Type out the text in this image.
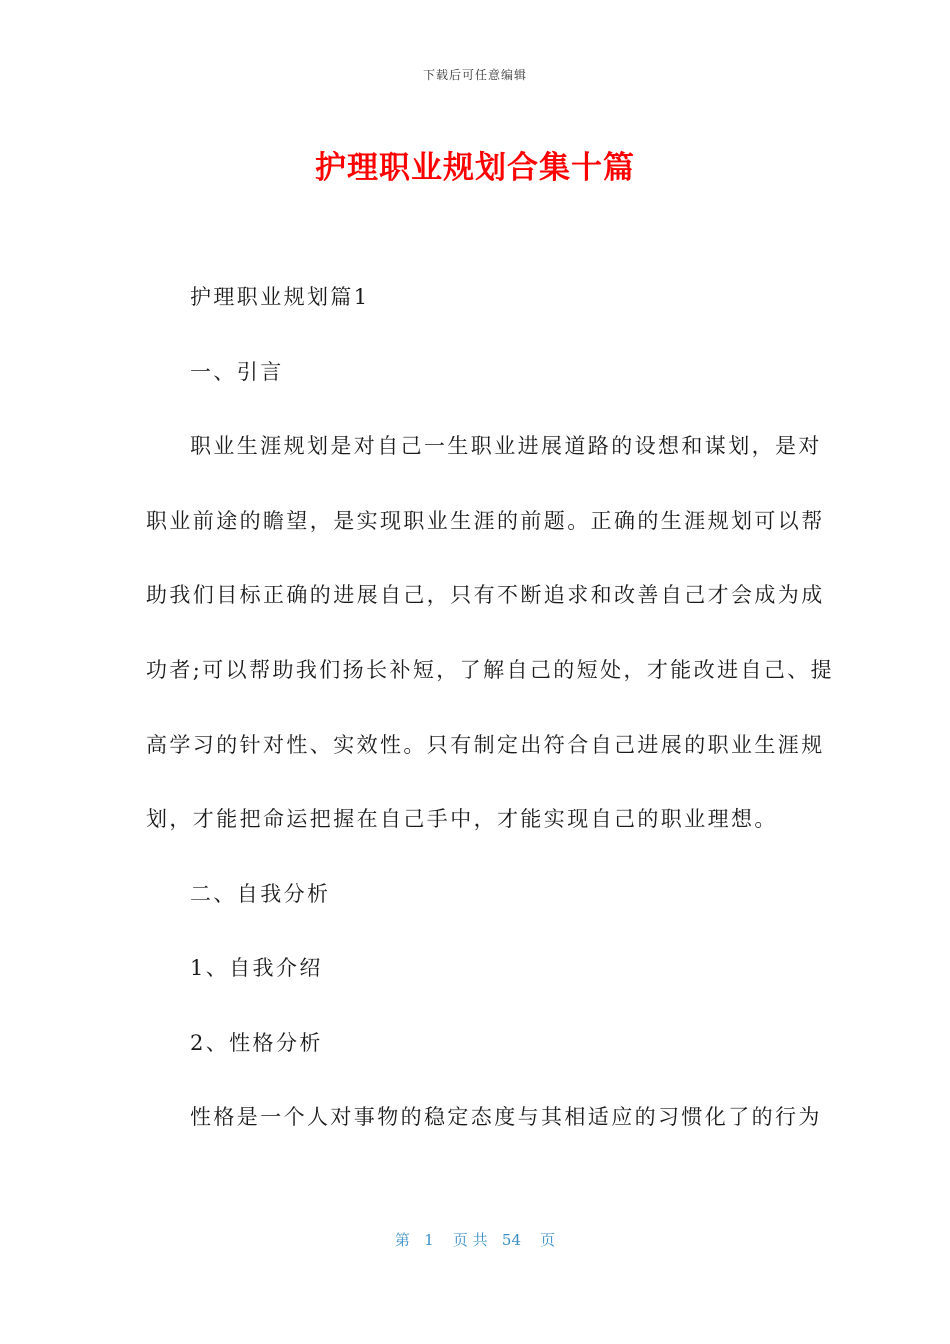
下载后可任意编辑
护理职业规划合集十篇
护理职业规划篇1
一、引言
职业生涯规划是对自己一生职业进展道路的设想和谋划，是对
职业前途的瞻望，是实现职业生涯的前题。正确的生涯规划可以帮
助我们目标正确的进展自己，只有不断追求和改善自己才会成为成
功者;可以帮助我们扬长补短，了解自己的短处，才能改进自己、提
高学习的针对性、实效性。只有制定出符合自己进展的职业生涯规
划，才能把命运把握在自己手中，才能实现自己的职业理想。
二、自我分析
1、自我介绍
2、性格分析
性格是一个人对事物的稳定态度与其相适应的习惯化了的行为
第   1    页 共   54    页
